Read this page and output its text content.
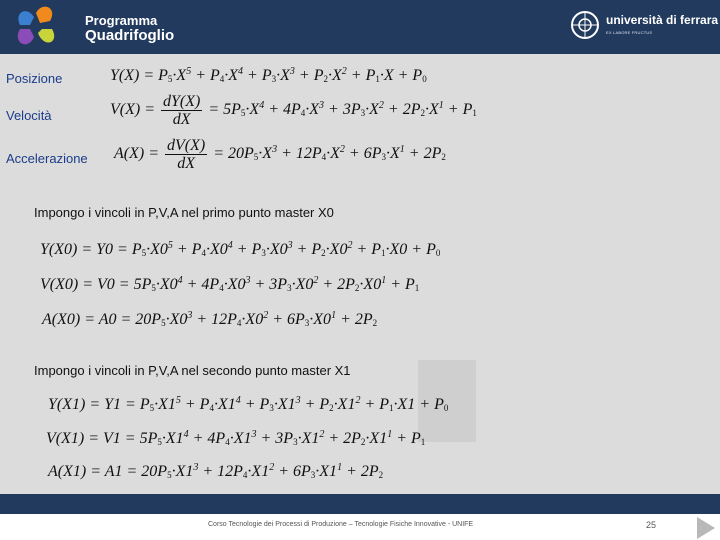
Programma
Quadrifoglio
università di ferrara
EX LABORE FRUCTUS
Posizione
Velocità
Accelerazione
$Y(X) = P_5\cdot X^5 + P_4\cdot X^4 + P_3\cdot X^3 + P_2\cdot X^2 + P_1\cdot X + P_0$
$V(X) = \frac{dY(X)}{dX} = 5P_5\cdot X^4 + 4P_4\cdot X^3 + 3P_3\cdot X^2 + 2P_2\cdot X^1 + P_1$
$A(X) = \frac{dV(X)}{dX} = 20P_5\cdot X^3 + 12P_4\cdot X^2 + 6P_3\cdot X^1 + 2P_2$
Impongo i vincoli in P,V,A nel primo punto master X0
$Y(X0) = Y0 = P_5\cdot X0^5 + P_4\cdot X0^4 + P_3\cdot X0^3 + P_2\cdot X0^2 + P_1\cdot X0 + P_0$
$V(X0) = V0 = 5P_5\cdot X0^4 + 4P_4\cdot X0^3 + 3P_3\cdot X0^2 + 2P_2\cdot X0^1 + P_1$
$A(X0) = A0 = 20P_5\cdot X0^3 + 12P_4\cdot X0^2 + 6P_3\cdot X0^1 + 2P_2$
Impongo i vincoli in P,V,A nel secondo punto master X1
$Y(X1) = Y1 = P_5\cdot X1^5 + P_4\cdot X1^4 + P_3\cdot X1^3 + P_2\cdot X1^2 + P_1\cdot X1 + P_0$
$V(X1) = V1 = 5P_5\cdot X1^4 + 4P_4\cdot X1^3 + 3P_3\cdot X1^2 + 2P_2\cdot X1^1 + P_1$
$A(X1) = A1 = 20P_5\cdot X1^3 + 12P_4\cdot X1^2 + 6P_3\cdot X1^1 + 2P_2$
Corso Tecnologie dei Processi di Produzione – Tecnologie Fisiche Innovative - UNIFE	25
